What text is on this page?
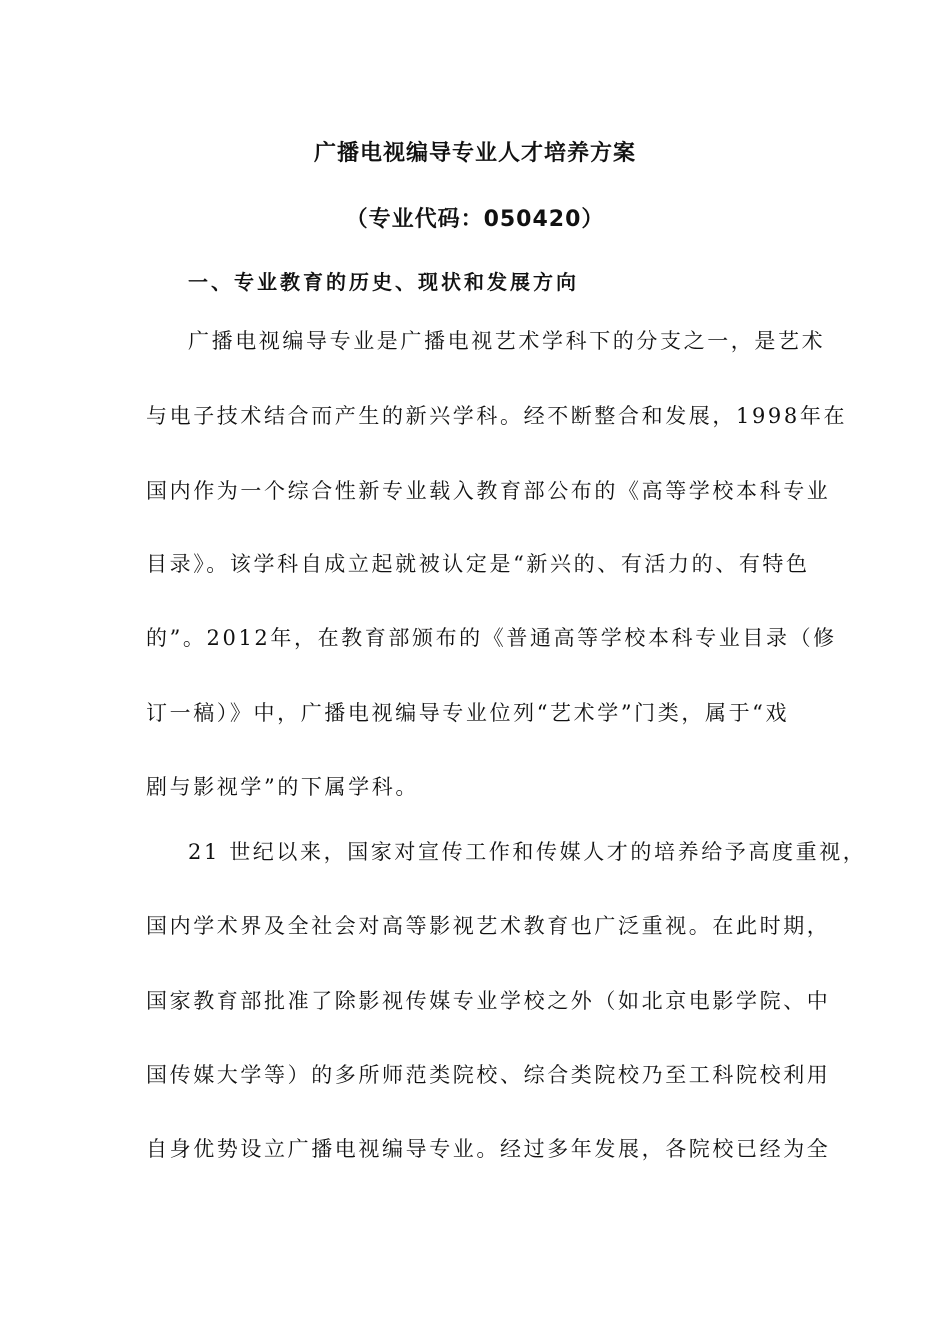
广播电视编导专业人才培养方案
（专业代码：050420）
一、专业教育的历史、现状和发展方向
广播电视编导专业是广播电视艺术学科下的分支之一，是艺术
与电子技术结合而产生的新兴学科。经不断整合和发展，1998年在
国内作为一个综合性新专业载入教育部公布的《高等学校本科专业
目录》。该学科自成立起就被认定是“新兴的、有活力的、有特色
的”。2012年，在教育部颁布的《普通高等学校本科专业目录（修
订一稿）》中，广播电视编导专业位列“艺术学”门类，属于“戏
剧与影视学”的下属学科。
21 世纪以来，国家对宣传工作和传媒人才的培养给予高度重视，
国内学术界及全社会对高等影视艺术教育也广泛重视。在此时期，
国家教育部批准了除影视传媒专业学校之外（如北京电影学院、中
国传媒大学等）的多所师范类院校、综合类院校乃至工科院校利用
自身优势设立广播电视编导专业。经过多年发展，各院校已经为全
